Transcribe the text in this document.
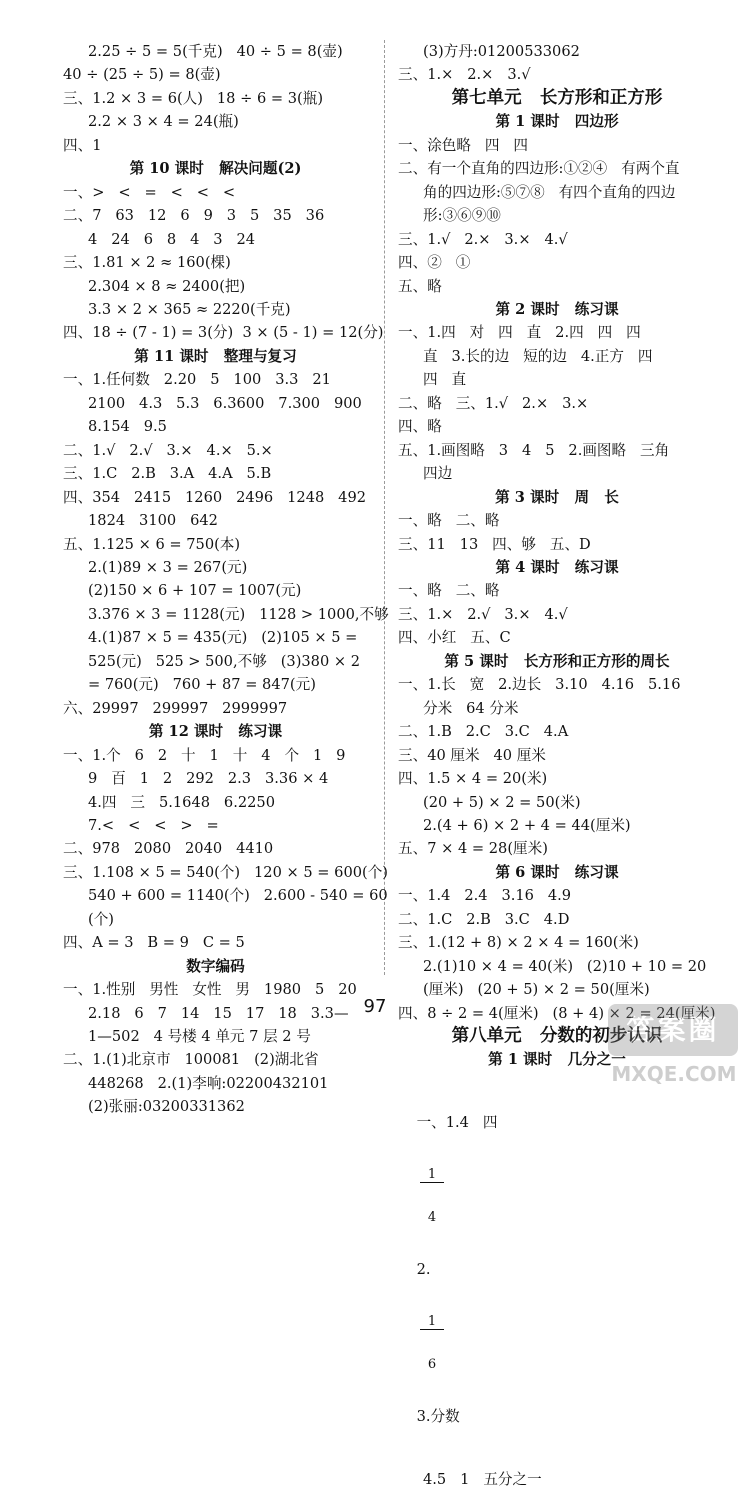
2.25 ÷ 5 = 5(千克)   40 ÷ 5 = 8(壶)
40 ÷ (25 ÷ 5) = 8(壶)
三、1.2 × 3 = 6(人)   18 ÷ 6 = 3(瓶)
2.2 × 3 × 4 = 24(瓶)
四、1
第 10 课时   解决问题(2)
一、>   <   =   <   <   <
二、7   63   12   6   9   3   5   35   36
4   24   6   8   4   3   24
三、1.81 × 2 ≈ 160(棵)
2.304 × 8 ≈ 2400(把)
3.3 × 2 × 365 ≈ 2220(千克)
四、18 ÷ (7 - 1) = 3(分)  3 × (5 - 1) = 12(分)
第 11 课时   整理与复习
一、1.任何数   2.20   5   100   3.3   21
2100   4.3   5.3   6.3600   7.300   900
8.154   9.5
二、1.√   2.√   3.×   4.×   5.×
三、1.C   2.B   3.A   4.A   5.B
四、354   2415   1260   2496   1248   492
1824   3100   642
五、1.125 × 6 = 750(本)
2.(1)89 × 3 = 267(元)
(2)150 × 6 + 107 = 1007(元)
3.376 × 3 = 1128(元)   1128 > 1000,不够
4.(1)87 × 5 = 435(元)   (2)105 × 5 =
525(元)   525 > 500,不够   (3)380 × 2
= 760(元)   760 + 87 = 847(元)
六、29997   299997   2999997
第 12 课时   练习课
一、1.个   6   2   十   1   十   4   个   1   9
9   百   1   2   292   2.3   3.36 × 4
4.四   三   5.1648   6.2250
7.<   <   <   >   =
二、978   2080   2040   4410
三、1.108 × 5 = 540(个)   120 × 5 = 600(个)
540 + 600 = 1140(个)   2.600 - 540 = 60
(个)
四、A = 3   B = 9   C = 5
数字编码
一、1.性别   男性   女性   男   1980   5   20
2.18   6   7   14   15   17   18   3.3—
1—502   4 号楼 4 单元 7 层 2 号
二、1.(1)北京市   100081   (2)湖北省
448268   2.(1)李响:02200432101
(2)张丽:03200331362
(3)方丹:01200533062
三、1.×   2.×   3.√
第七单元   长方形和正方形
第 1 课时   四边形
一、涂色略   四   四
二、有一个直角的四边形:①②④   有两个直
角的四边形:⑤⑦⑧   有四个直角的四边
形:③⑥⑨⑩
三、1.√   2.×   3.×   4.√
四、②   ①
五、略
第 2 课时   练习课
一、1.四   对   四   直   2.四   四   四
直   3.长的边   短的边   4.正方   四
四   直
二、略   三、1.√   2.×   3.×
四、略
五、1.画图略   3   4   5   2.画图略   三角
四边
第 3 课时   周   长
一、略   二、略
三、11   13   四、够   五、D
第 4 课时   练习课
一、略   二、略
三、1.×   2.√   3.×   4.√
四、小红   五、C
第 5 课时   长方形和正方形的周长
一、1.长   宽   2.边长   3.10   4.16   5.16
分米   64 分米
二、1.B   2.C   3.C   4.A
三、40 厘米   40 厘米
四、1.5 × 4 = 20(米)
(20 + 5) × 2 = 50(米)
2.(4 + 6) × 2 + 4 = 44(厘米)
五、7 × 4 = 28(厘米)
第 6 课时   练习课
一、1.4   2.4   3.16   4.9
二、1.C   2.B   3.C   4.D
三、1.(12 + 8) × 2 × 4 = 160(米)
2.(1)10 × 4 = 40(米)   (2)10 + 10 = 20
(厘米)   (20 + 5) × 2 = 50(厘米)
四、8 ÷ 2 = 4(厘米)   (8 + 4) × 2 = 24(厘米)
第八单元   分数的初步认识
第 1 课时   几分之一

一、1.4   四

$\frac{1}{4}$

2.

$\frac{1}{6}$

3.分数

4.5   1   五分之一
97
答案圈
MXQE.COM
